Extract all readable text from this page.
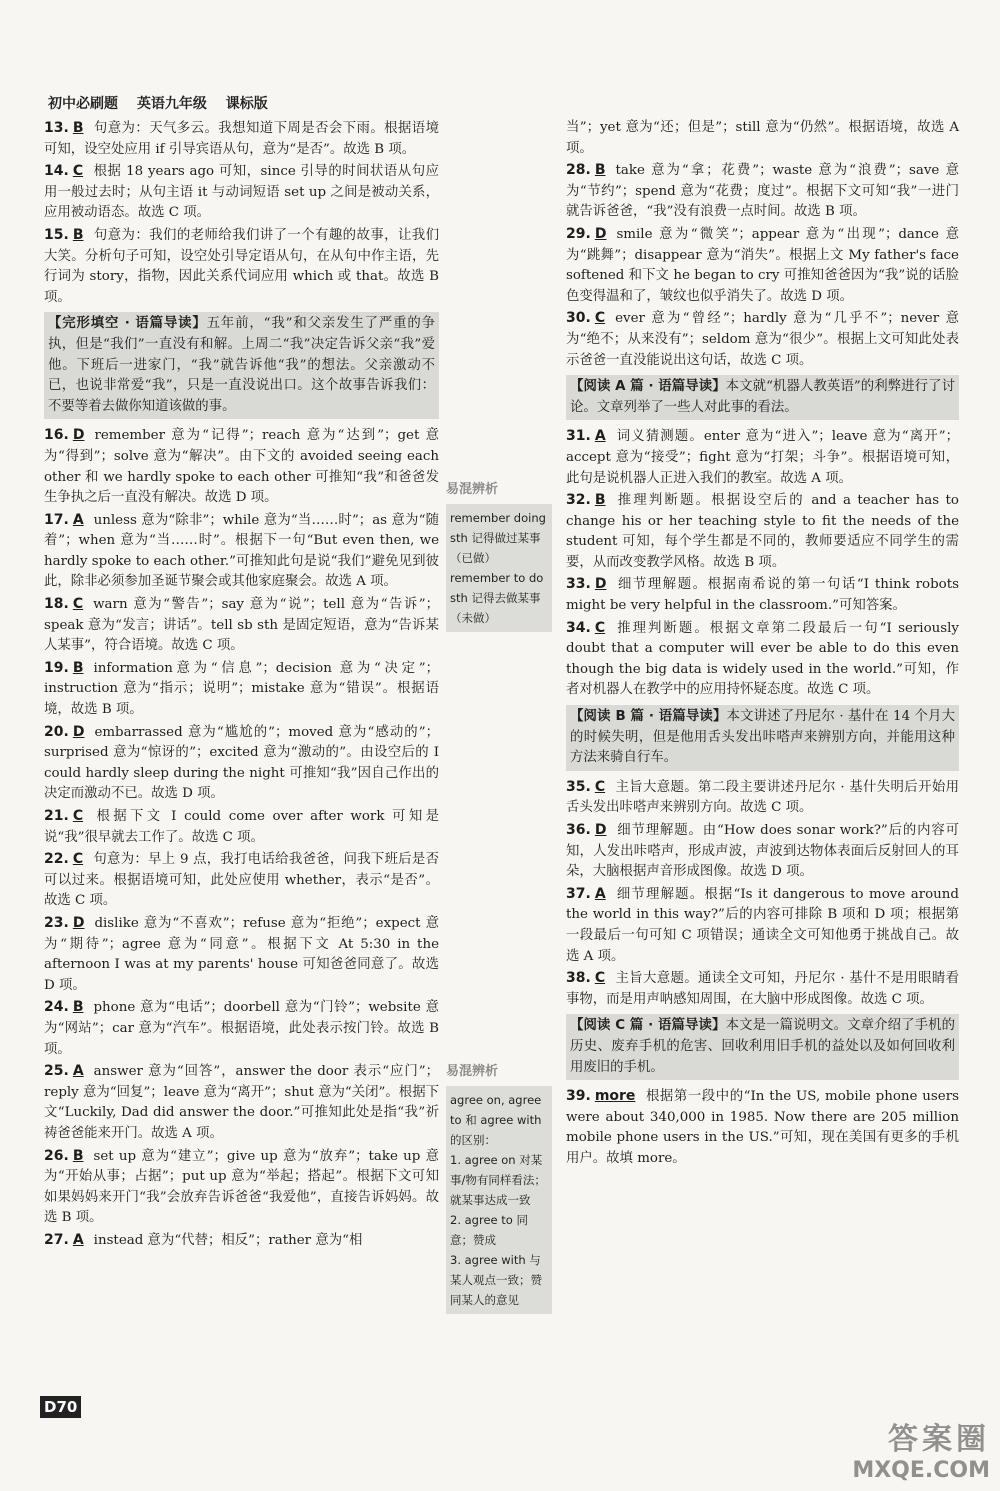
初中必刷题 英语九年级 课标版
13. B 句意为：天气多云。我想知道下周是否会下雨。根据语境可知，设空处应用 if 引导宾语从句，意为“是否”。故选 B 项。
14. C 根据 18 years ago 可知，since 引导的时间状语从句应用一般过去时；从句主语 it 与动词短语 set up 之间是被动关系，应用被动语态。故选 C 项。
15. B 句意为：我们的老师给我们讲了一个有趣的故事，让我们大笑。分析句子可知，设空处引导定语从句，在从句中作主语，先行词为 story，指物，因此关系代词应用 which 或 that。故选 B 项。
【完形填空 · 语篇导读】五年前，“我”和父亲发生了严重的争执，但是“我们”一直没有和解。上周二“我”决定告诉父亲“我”爱他。下班后一进家门，“我”就告诉他“我”的想法。父亲激动不已，也说非常爱“我”，只是一直没说出口。这个故事告诉我们：不要等着去做你知道该做的事。
16. D remember 意为“记得”；reach 意为“达到”；get 意为“得到”；solve 意为“解决”。由下文的 avoided seeing each other 和 we hardly spoke to each other 可推知“我”和爸爸发生争执之后一直没有解决。故选 D 项。
17. A unless 意为“除非”；while 意为“当……时”；as 意为“随着”；when 意为“当……时”。根据下一句“But even then, we hardly spoke to each other.”可推知此句是说“我们”避免见到彼此，除非必须参加圣诞节聚会或其他家庭聚会。故选 A 项。
18. C warn 意为“警告”；say 意为“说”；tell 意为“告诉”；speak 意为“发言；讲话”。tell sb sth 是固定短语，意为“告诉某人某事”，符合语境。故选 C 项。
19. B information意为“信息”；decision 意为“决定”；instruction 意为“指示；说明”；mistake 意为“错误”。根据语境，故选 B 项。
20. D embarrassed 意为“尴尬的”；moved 意为“感动的”；surprised 意为“惊讶的”；excited 意为“激动的”。由设空后的 I could hardly sleep during the night 可推知“我”因自己作出的决定而激动不已。故选 D 项。
21. C 根据下文 I could come over after work 可知是说“我”很早就去工作了。故选 C 项。
22. C 句意为：早上 9 点，我打电话给我爸爸，问我下班后是否可以过来。根据语境可知，此处应使用 whether，表示“是否”。故选 C 项。
23. D dislike 意为“不喜欢”；refuse 意为“拒绝”；expect 意为“期待”；agree 意为“同意”。根据下文 At 5:30 in the afternoon I was at my parents' house 可知爸爸同意了。故选 D 项。
24. B phone 意为“电话”；doorbell 意为“门铃”；website 意为“网站”；car 意为“汽车”。根据语境，此处表示按门铃。故选 B 项。
25. A answer 意为“回答”，answer the door 表示“应门”；reply 意为“回复”；leave 意为“离开”；shut 意为“关闭”。根据下文“Luckily, Dad did answer the door.”可推知此处是指“我”祈祷爸爸能来开门。故选 A 项。
26. B set up 意为“建立”；give up 意为“放弃”；take up 意为“开始从事；占据”；put up 意为“举起；搭起”。根据下文可知如果妈妈来开门“我”会放弃告诉爸爸“我爱他”，直接告诉妈妈。故选 B 项。
27. A instead 意为“代替；相反”；rather 意为“相
当”；yet 意为“还；但是”；still 意为“仍然”。根据语境，故选 A 项。
28. B take 意为“拿；花费”；waste 意为“浪费”；save 意为“节约”；spend 意为“花费；度过”。根据下文可知“我”一进门就告诉爸爸，“我”没有浪费一点时间。故选 B 项。
29. D smile 意为“微笑”；appear 意为“出现”；dance 意为“跳舞”；disappear 意为“消失”。根据上文 My father's face softened 和下文 he began to cry 可推知爸爸因为“我”说的话脸色变得温和了，皱纹也似乎消失了。故选 D 项。
30. C ever 意为“曾经”；hardly 意为“几乎不”；never 意为“绝不；从来没有”；seldom 意为“很少”。根据上文可知此处表示爸爸一直没能说出这句话，故选 C 项。
【阅读 A 篇 · 语篇导读】本文就“机器人教英语”的利弊进行了讨论。文章列举了一些人对此事的看法。
31. A 词义猜测题。enter 意为“进入”；leave 意为“离开”；accept 意为“接受”；fight 意为“打架；斗争”。根据语境可知，此句是说机器人正进入我们的教室。故选 A 项。
32. B 推理判断题。根据设空后的 and a teacher has to change his or her teaching style to fit the needs of the student 可知，每个学生都是不同的，教师要适应不同学生的需要，从而改变教学风格。故选 B 项。
33. D 细节理解题。根据南希说的第一句话“I think robots might be very helpful in the classroom.”可知答案。
34. C 推理判断题。根据文章第二段最后一句“I seriously doubt that a computer will ever be able to do this even though the big data is widely used in the world.”可知，作者对机器人在教学中的应用持怀疑态度。故选 C 项。
【阅读 B 篇 · 语篇导读】本文讲述了丹尼尔 · 基什在 14 个月大的时候失明，但是他用舌头发出咔嗒声来辨别方向，并能用这种方法来骑自行车。
35. C 主旨大意题。第二段主要讲述丹尼尔 · 基什失明后开始用舌头发出咔嗒声来辨别方向。故选 C 项。
36. D 细节理解题。由“How does sonar work?”后的内容可知，人发出咔嗒声，形成声波，声波到达物体表面后反射回人的耳朵，大脑根据声音形成图像。故选 D 项。
37. A 细节理解题。根据“Is it dangerous to move around the world in this way?”后的内容可排除 B 项和 D 项；根据第一段最后一句可知 C 项错误；通读全文可知他勇于挑战自己。故选 A 项。
38. C 主旨大意题。通读全文可知，丹尼尔 · 基什不是用眼睛看事物，而是用声呐感知周围，在大脑中形成图像。故选 C 项。
【阅读 C 篇 · 语篇导读】本文是一篇说明文。文章介绍了手机的历史、废弃手机的危害、回收利用旧手机的益处以及如何回收利用废旧的手机。
39. more 根据第一段中的“In the US, mobile phone users were about 340,000 in 1985. Now there are 205 million mobile phone users in the US.”可知，现在美国有更多的手机用户。故填 more。
易混辨析
remember doing sth 记得做过某事（已做）
remember to do sth 记得去做某事（未做）
易混辨析
agree on, agree to 和 agree with 的区别：
1. agree on 对某事/物有同样看法；就某事达成一致
2. agree to 同意；赞成
3. agree with 与某人观点一致；赞同某人的意见
D70
答案圈
MXQE.COM
